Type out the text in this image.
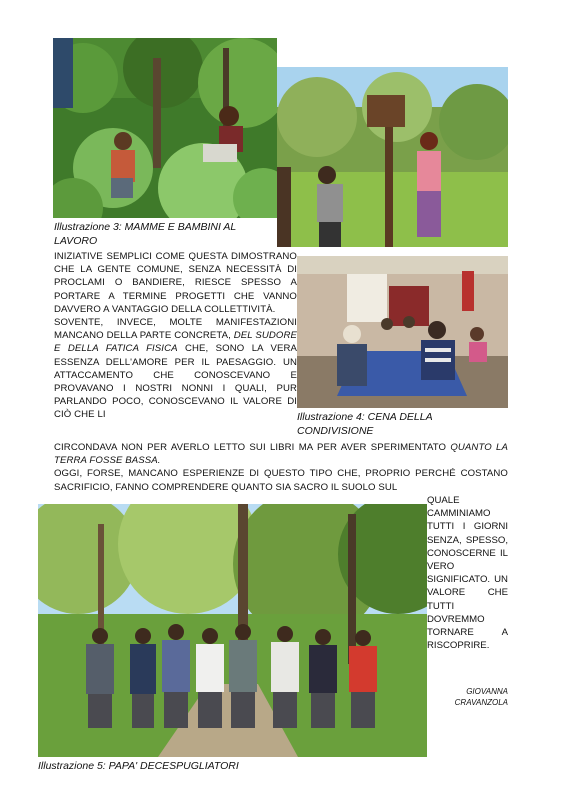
Illustrazione 3: MAMME E BAMBINI AL LAVORO
Illustrazione 4: CENA DELLA CONDIVISIONE
Illustrazione 5: PAPA' DECESPUGLIATORI

INIZIATIVE SEMPLICI COME QUESTA DIMOSTRANO CHE LA GENTE COMUNE, SENZA NECESSITÀ DI PROCLAMI O BANDIERE, RIESCE SPESSO A PORTARE A TERMINE PROGETTI CHE VANNO DAVVERO A VANTAGGIO DELLA COLLETTIVITÀ.

SOVENTE, INVECE, MOLTE MANIFESTAZIONI MANCANO DELLA PARTE CONCRETA, DEL SUDORE E DELLA FATICA FISICA CHE, SONO LA VERA ESSENZA DELL'AMORE PER IL PAESAGGIO. UN ATTACCAMENTO CHE CONOSCEVANO E PROVAVANO I NOSTRI NONNI I QUALI, PUR PARLANDO POCO, CONOSCEVANO IL VALORE DI CIÒ CHE LI

CIRCONDAVA NON PER AVERLO LETTO SUI LIBRI MA PER AVER SPERIMENTATO QUANTO LA TERRA FOSSE BASSA.

OGGI, FORSE, MANCANO ESPERIENZE DI QUESTO TIPO CHE, PROPRIO PERCHÉ COSTANO SACRIFICIO, FANNO COMPRENDERE QUANTO SIA SACRO IL SUOLO SUL

QUALE CAMMINIAMO TUTTI I GIORNI SENZA, SPESSO, CONOSCERNE IL VERO SIGNIFICATO. UN VALORE CHE TUTTI DOVREMMO TORNARE A RISCOPRIRE.
GIOVANNA
CRAVANZOLA
